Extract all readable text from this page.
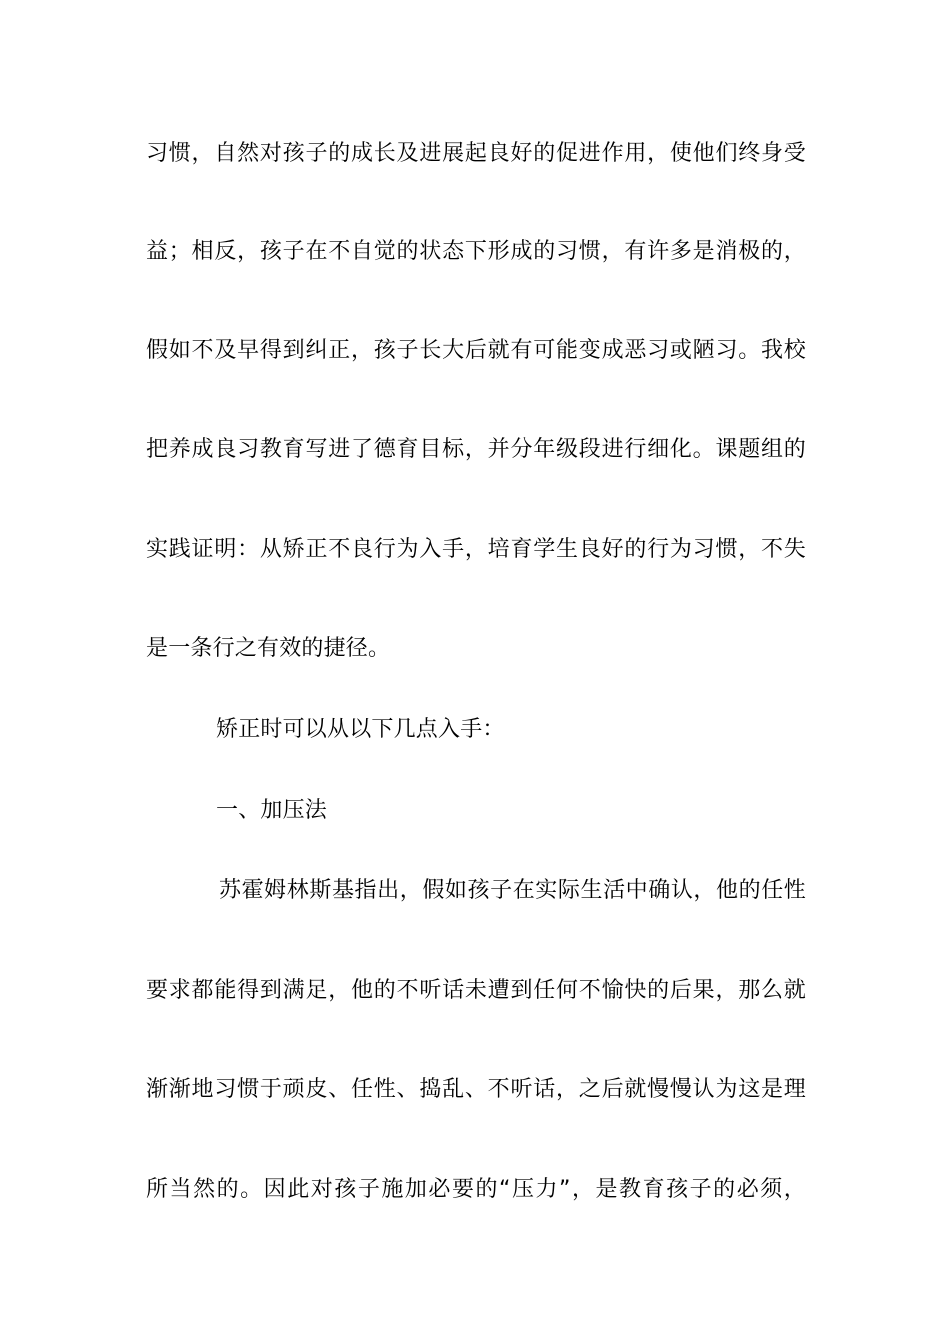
习惯，自然对孩子的成长及进展起良好的促进作用，使他们终身受
益；相反，孩子在不自觉的状态下形成的习惯，有许多是消极的，
假如不及早得到纠正，孩子长大后就有可能变成恶习或陋习。我校
把养成良习教育写进了德育目标，并分年级段进行细化。课题组的
实践证明：从矫正不良行为入手，培育学生良好的行为习惯，不失
是一条行之有效的捷径。
矫正时可以从以下几点入手：
一、加压法
苏霍姆林斯基指出，假如孩子在实际生活中确认，他的任性
要求都能得到满足，他的不听话未遭到任何不愉快的后果，那么就
渐渐地习惯于顽皮、任性、捣乱、不听话，之后就慢慢认为这是理
所当然的。因此对孩子施加必要的“压力”，是教育孩子的必须，
